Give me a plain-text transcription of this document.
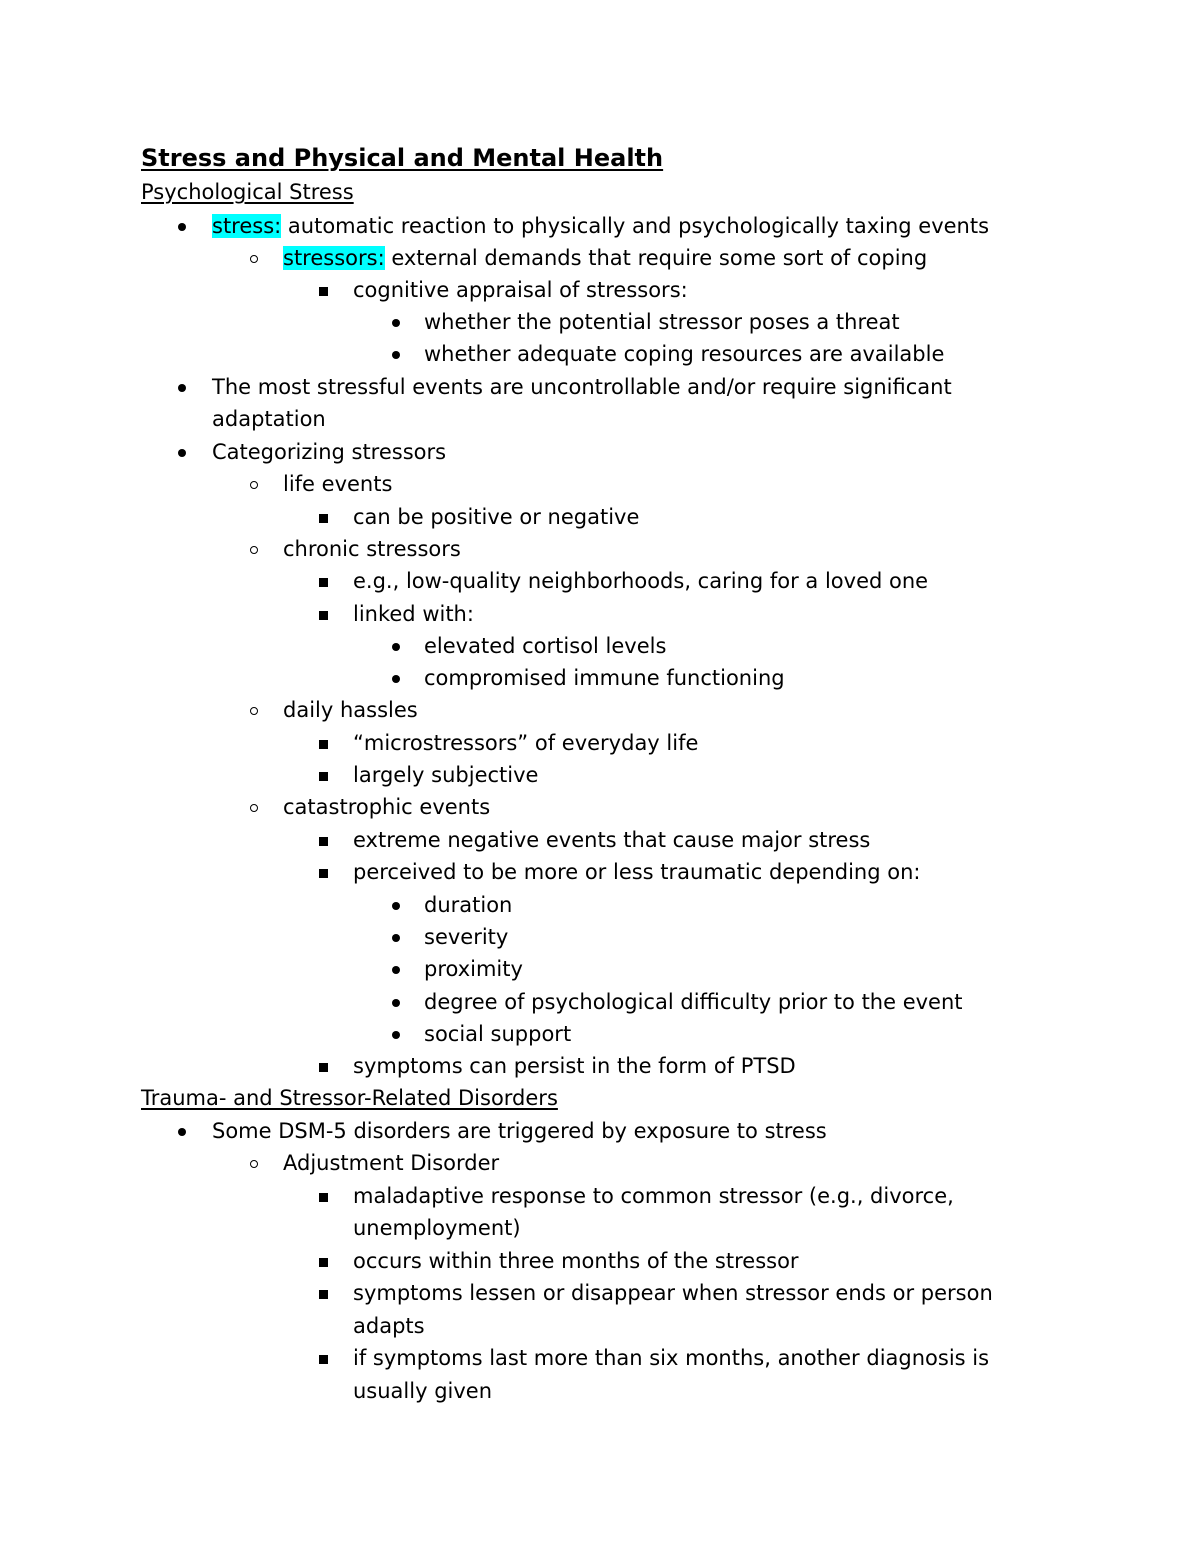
Stress and Physical and Mental Health
Psychological Stress
stress: automatic reaction to physically and psychologically taxing events
stressors: external demands that require some sort of coping
cognitive appraisal of stressors:
whether the potential stressor poses a threat
whether adequate coping resources are available
The most stressful events are uncontrollable and/or require significant
adaptation
Categorizing stressors
life events
can be positive or negative
chronic stressors
e.g., low-quality neighborhoods, caring for a loved one
linked with:
elevated cortisol levels
compromised immune functioning
daily hassles
“microstressors” of everyday life
largely subjective
catastrophic events
extreme negative events that cause major stress
perceived to be more or less traumatic depending on:
duration
severity
proximity
degree of psychological difficulty prior to the event
social support
symptoms can persist in the form of PTSD
Trauma- and Stressor-Related Disorders
Some DSM-5 disorders are triggered by exposure to stress
Adjustment Disorder
maladaptive response to common stressor (e.g., divorce,
unemployment)
occurs within three months of the stressor
symptoms lessen or disappear when stressor ends or person
adapts
if symptoms last more than six months, another diagnosis is
usually given
